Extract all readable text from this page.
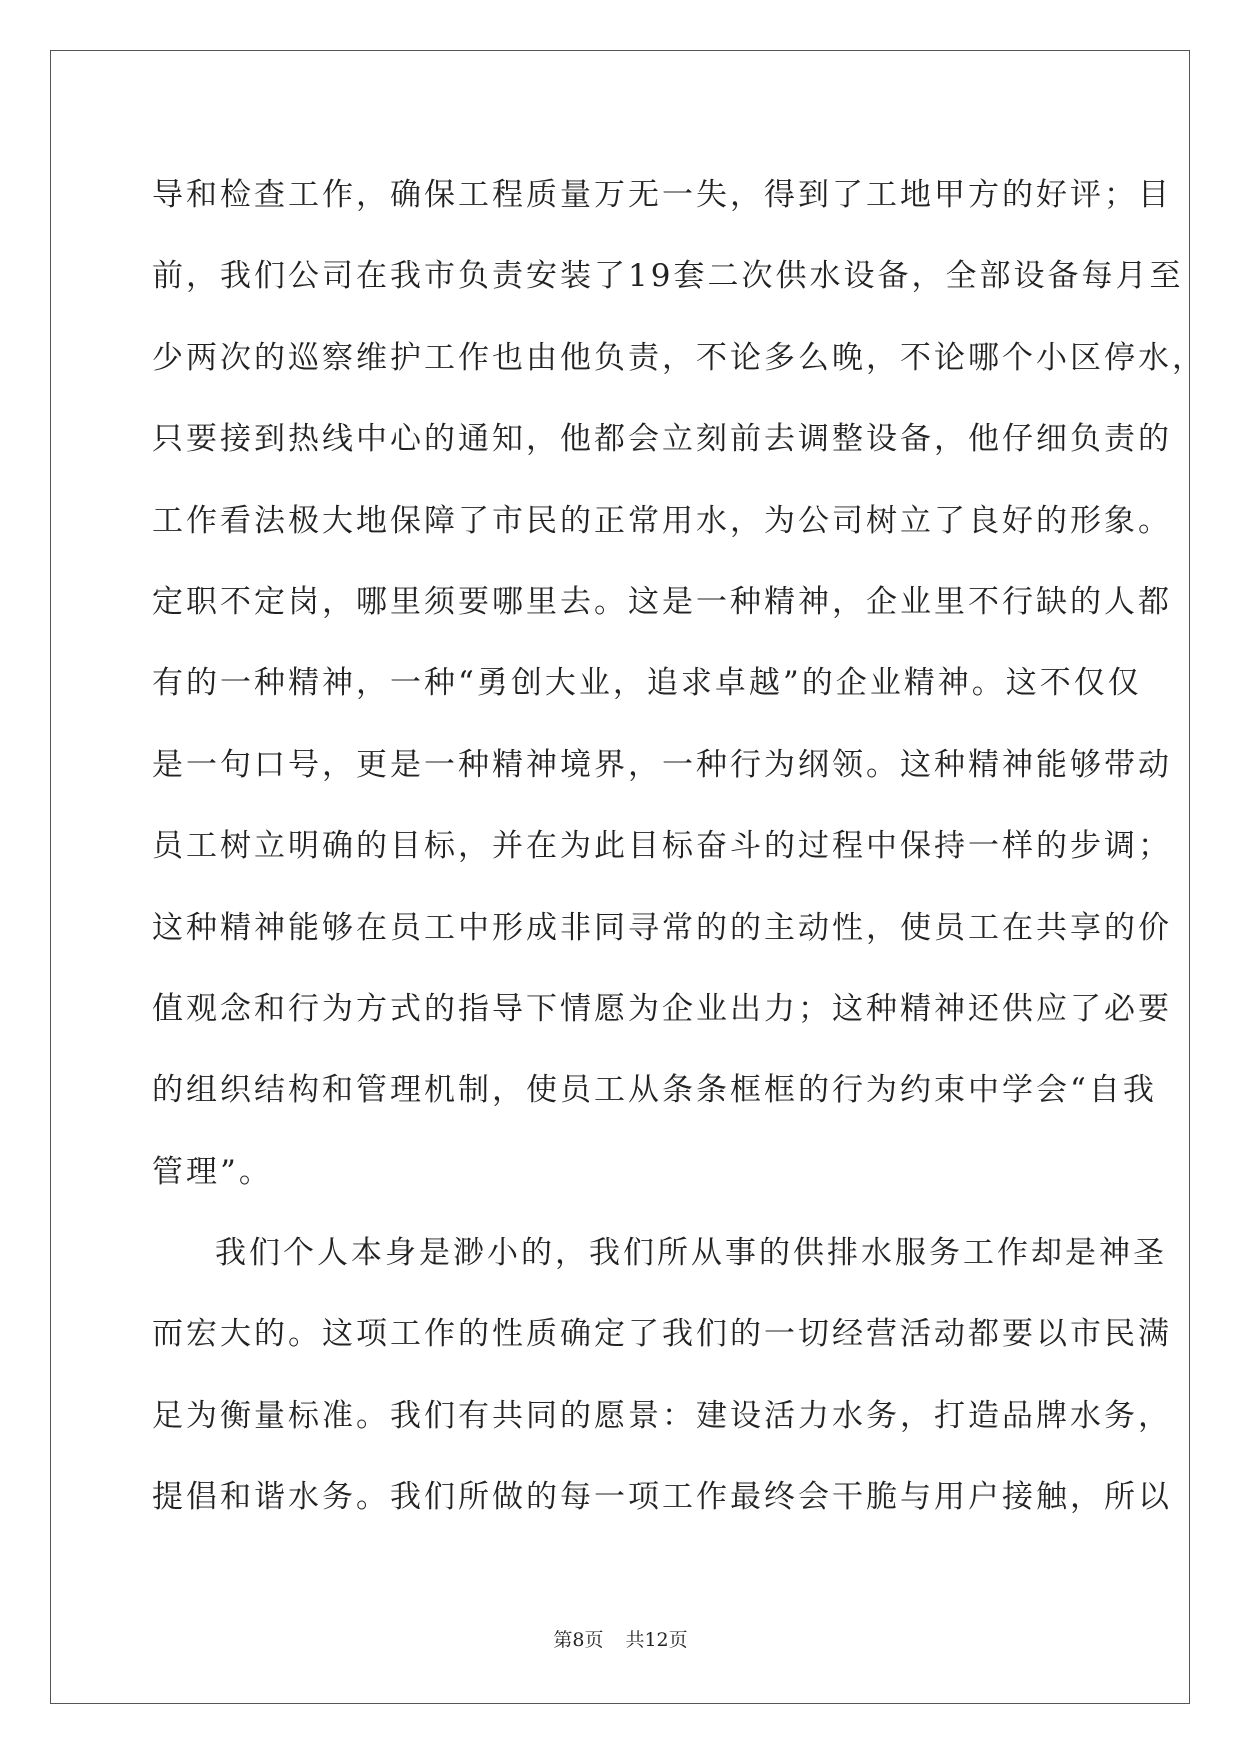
导和检查工作，确保工程质量万无一失，得到了工地甲方的好评；目
前，我们公司在我市负责安装了19套二次供水设备，全部设备每月至
少两次的巡察维护工作也由他负责，不论多么晚，不论哪个小区停水，
只要接到热线中心的通知，他都会立刻前去调整设备，他仔细负责的
工作看法极大地保障了市民的正常用水，为公司树立了良好的形象。
定职不定岗，哪里须要哪里去。这是一种精神，企业里不行缺的人都
有的一种精神，一种“勇创大业，追求卓越”的企业精神。这不仅仅
是一句口号，更是一种精神境界，一种行为纲领。这种精神能够带动
员工树立明确的目标，并在为此目标奋斗的过程中保持一样的步调；
这种精神能够在员工中形成非同寻常的的主动性，使员工在共享的价
值观念和行为方式的指导下情愿为企业出力；这种精神还供应了必要
的组织结构和管理机制，使员工从条条框框的行为约束中学会“自我
管理”。
我们个人本身是渺小的，我们所从事的供排水服务工作却是神圣
而宏大的。这项工作的性质确定了我们的一切经营活动都要以市民满
足为衡量标准。我们有共同的愿景：建设活力水务，打造品牌水务，
提倡和谐水务。我们所做的每一项工作最终会干脆与用户接触，所以
第8页 共12页
